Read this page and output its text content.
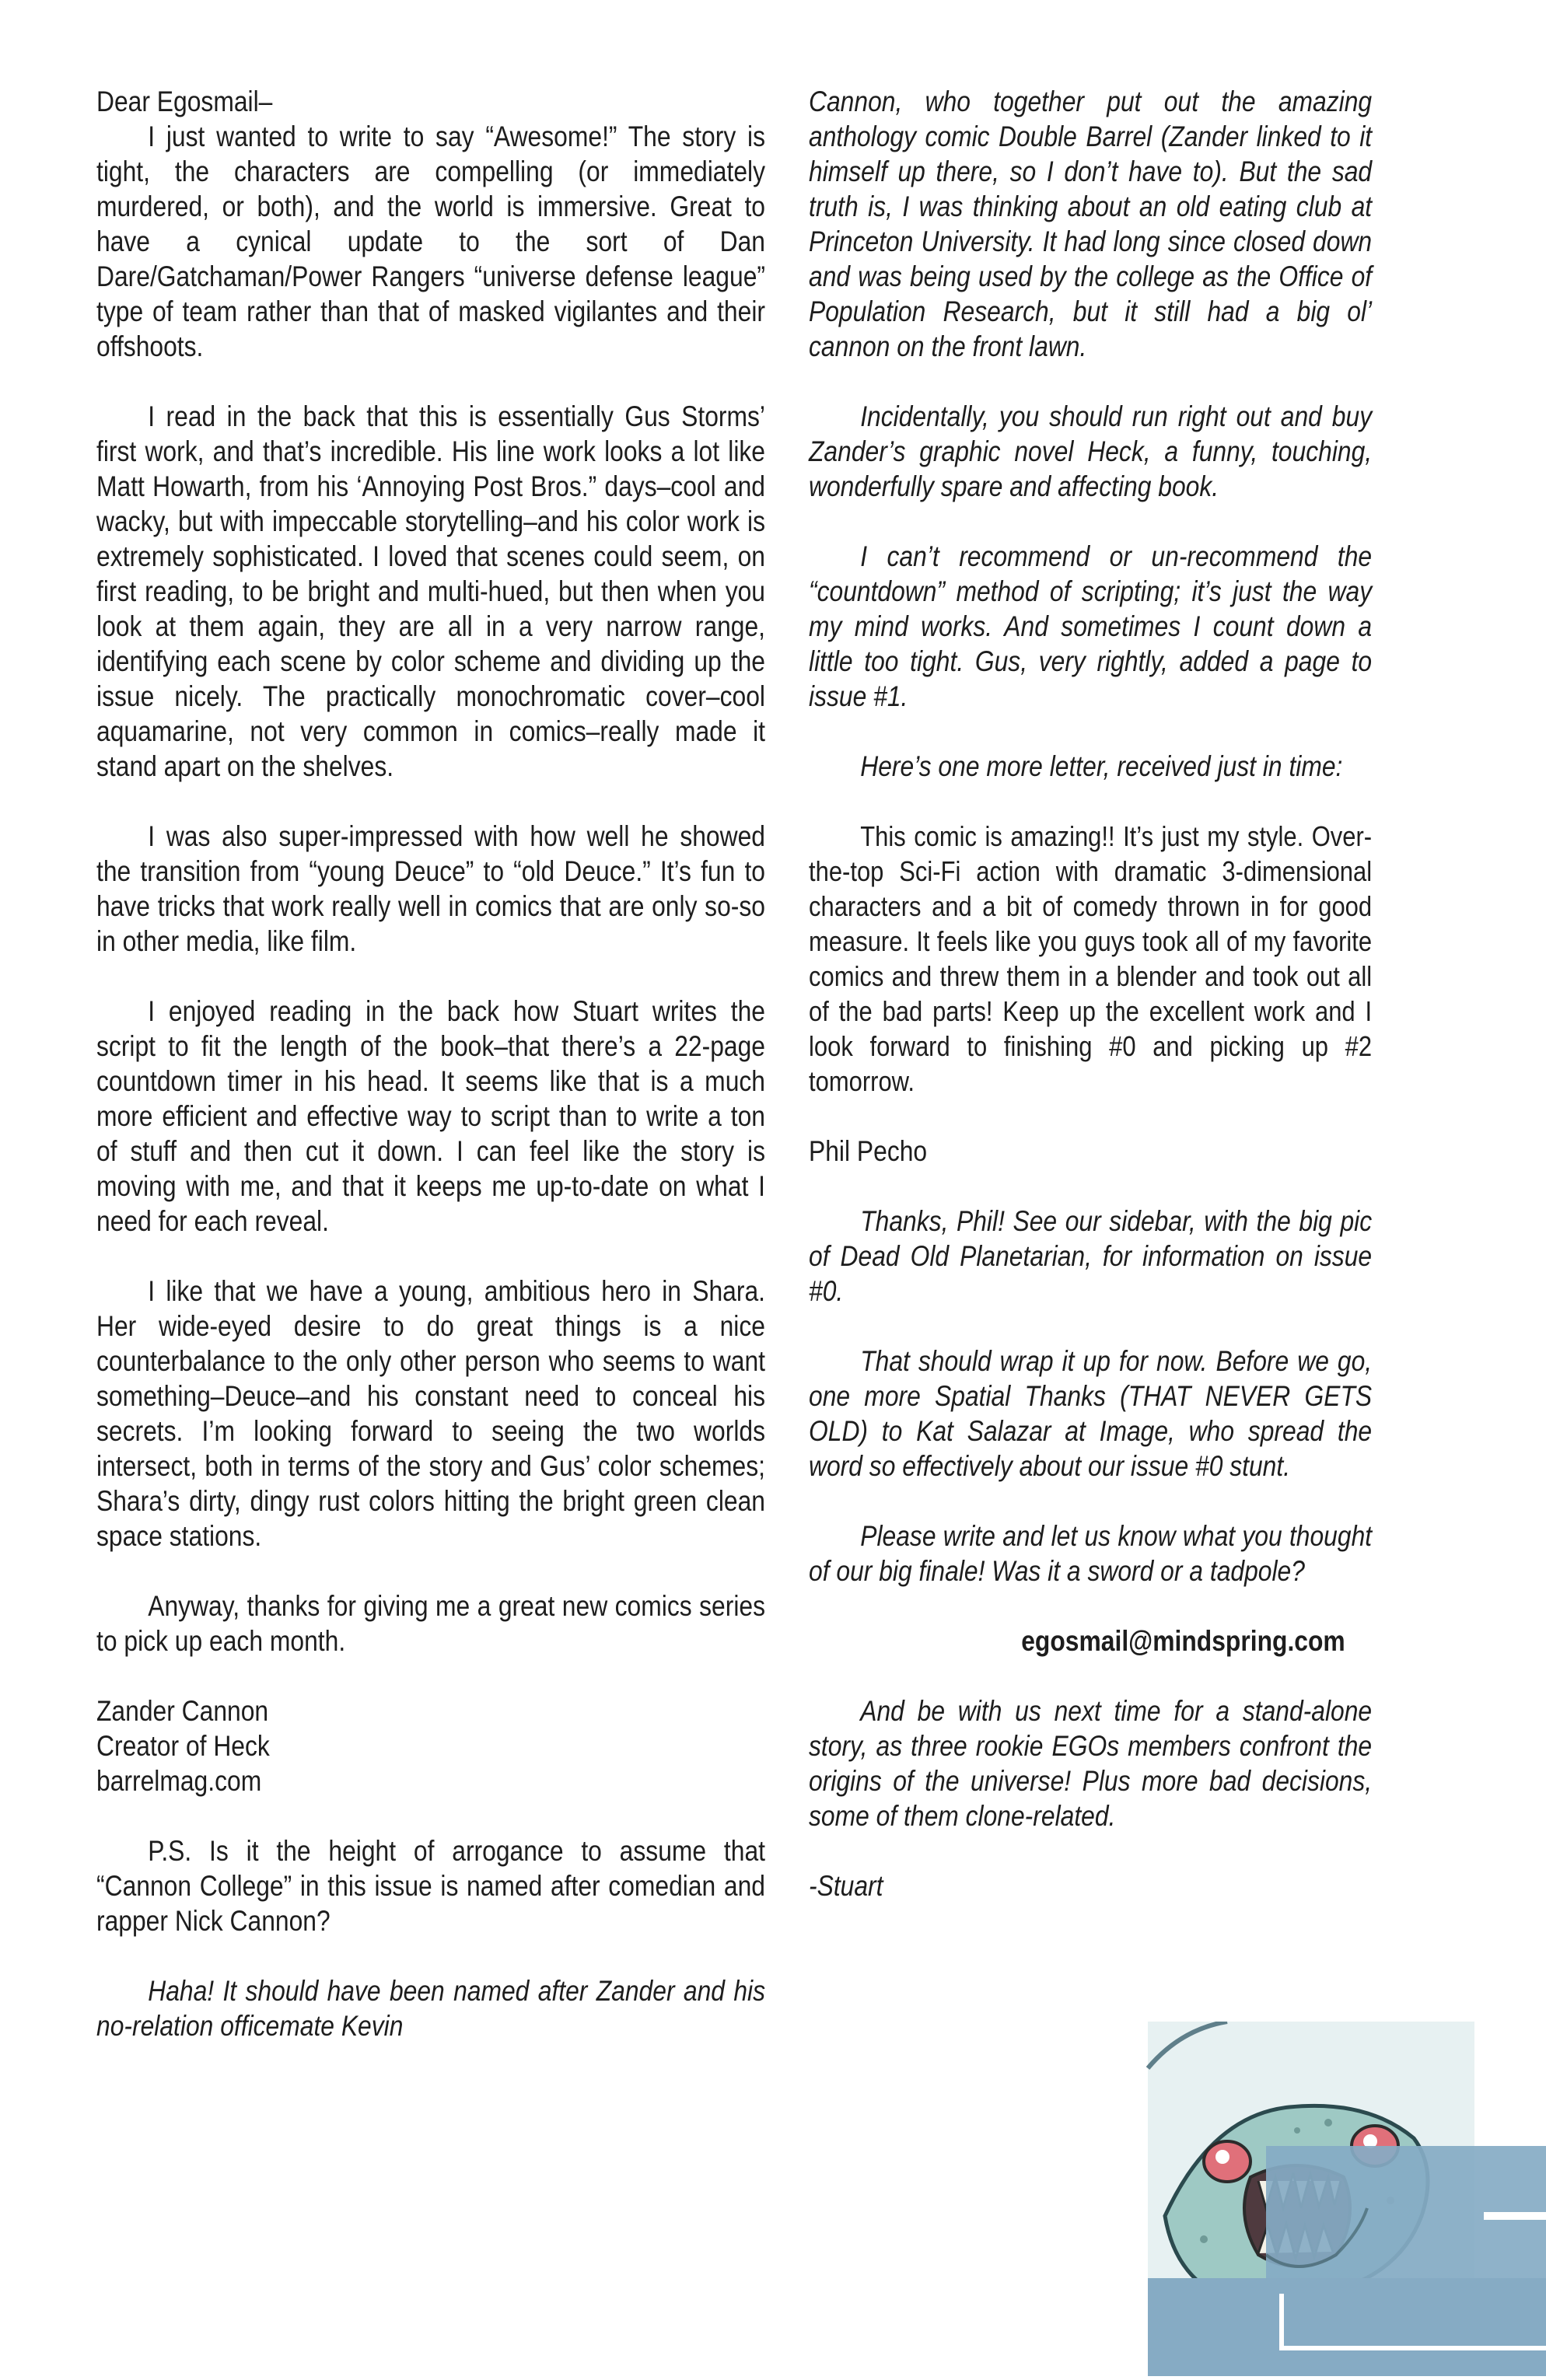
Dear Egosmail–

I just wanted to write to say “Awesome!” The story is tight, the characters are compelling (or immediately murdered, or both), and the world is immersive. Great to have a cynical update to the sort of Dan Dare/Gatchaman/Power Rangers “universe defense league” type of team rather than that of masked vigilantes and their offshoots.

I read in the back that this is essentially Gus Storms’ first work, and that’s incredible. His line work looks a lot like Matt Howarth, from his ‘Annoying Post Bros.” days–cool and wacky, but with impeccable storytelling–and his color work is extremely sophisticated. I loved that scenes could seem, on first reading, to be bright and multi-hued, but then when you look at them again, they are all in a very narrow range, identifying each scene by color scheme and dividing up the issue nicely. The practically monochromatic cover–cool aquamarine, not very common in comics–really made it stand apart on the shelves.

I was also super-impressed with how well he showed the transition from “young Deuce” to “old Deuce.” It’s fun to have tricks that work really well in comics that are only so-so in other media, like film.

I enjoyed reading in the back how Stuart writes the script to fit the length of the book–that there’s a 22-page countdown timer in his head. It seems like that is a much more efficient and effective way to script than to write a ton of stuff and then cut it down. I can feel like the story is moving with me, and that it keeps me up-to-date on what I need for each reveal.

I like that we have a young, ambitious hero in Shara. Her wide-eyed desire to do great things is a nice counterbalance to the only other person who seems to want something–Deuce–and his constant need to conceal his secrets. I’m looking forward to seeing the two worlds intersect, both in terms of the story and Gus’ color schemes; Shara’s dirty, dingy rust colors hitting the bright green clean space stations.

Anyway, thanks for giving me a great new comics series to pick up each month.

Zander Cannon

Creator of Heck

barrelmag.com

P.S. Is it the height of arrogance to assume that “Cannon College” in this issue is named after comedian and rapper Nick Cannon?

Haha! It should have been named after Zander and his no-relation officemate Kevin

Cannon, who together put out the amazing anthology comic Double Barrel (Zander linked to it himself up there, so I don’t have to). But the sad truth is, I was thinking about an old eating club at Princeton University. It had long since closed down and was being used by the college as the Office of Population Research, but it still had a big ol’ cannon on the front lawn.

Incidentally, you should run right out and buy Zander’s graphic novel Heck, a funny, touching, wonderfully spare and affecting book.

I can’t recommend or un-recommend the “countdown” method of scripting; it’s just the way my mind works. And sometimes I count down a little too tight. Gus, very rightly, added a page to issue #1.

Here’s one more letter, received just in time:

This comic is amazing!! It’s just my style. Over-the-top Sci-Fi action with dramatic 3-dimensional characters and a bit of comedy thrown in for good measure. It feels like you guys took all of my favorite comics and threw them in a blender and took out all of the bad parts! Keep up the excellent work and I look forward to finishing #0 and picking up #2 tomorrow.

Phil Pecho

Thanks, Phil! See our sidebar, with the big pic of Dead Old Planetarian, for information on issue #0.

That should wrap it up for now. Before we go, one more Spatial Thanks (THAT NEVER GETS OLD) to Kat Salazar at Image, who spread the word so effectively about our issue #0 stunt.

Please write and let us know what you thought of our big finale! Was it a sword or a tadpole?

egosmail@mindspring.com

And be with us next time for a stand-alone story, as three rookie EGOs members confront the origins of the universe! Plus more bad decisions, some of them clone-related.

-Stuart
